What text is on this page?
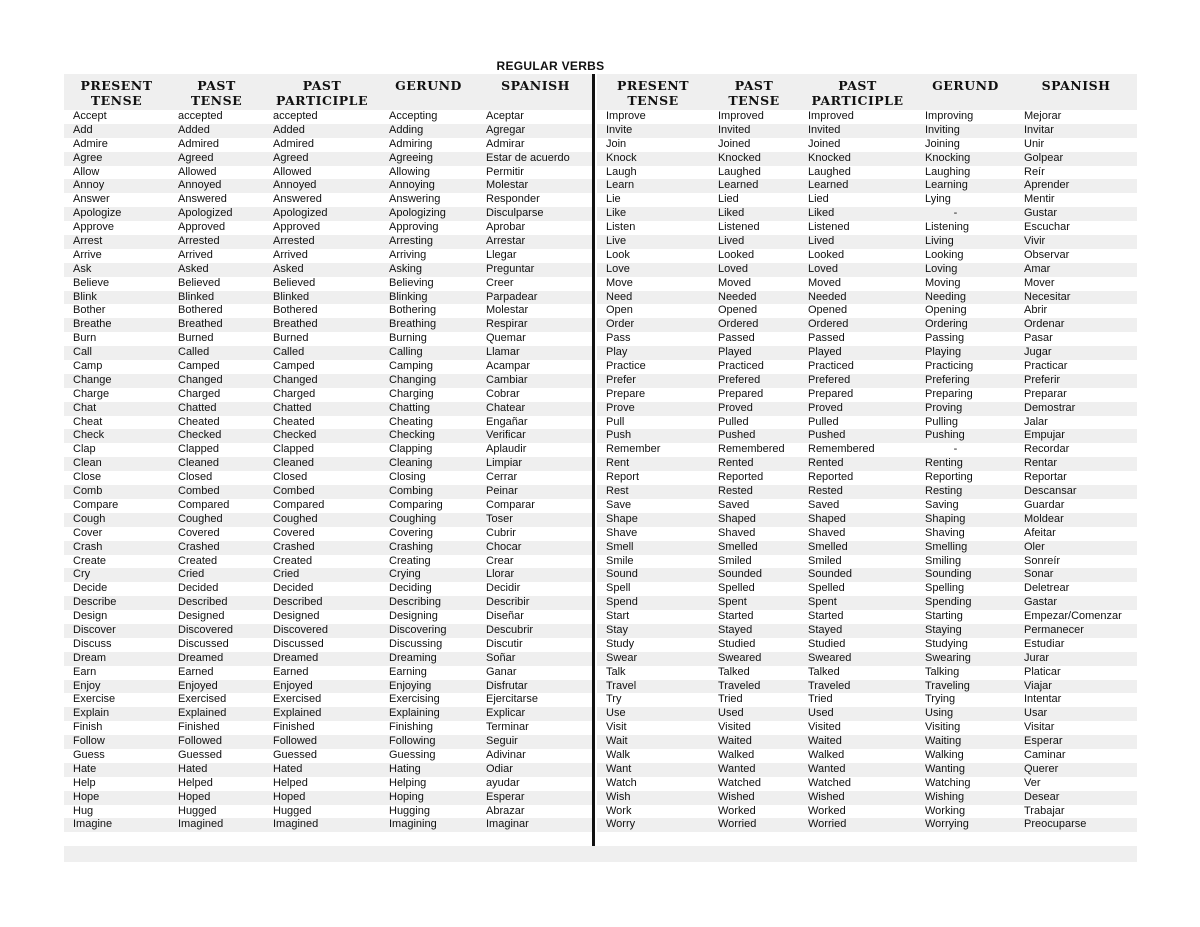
REGULAR VERBS
PRESENT
TENSE
PAST
TENSE
PAST
PARTICIPLE
GERUND	SPANISH
Accept	accepted	accepted	Accepting	Aceptar
Add	Added	Added	Adding	Agregar
Admire	Admired	Admired	Admiring	Admirar
Agree	Agreed	Agreed	Agreeing	Estar de acuerdo
Allow	Allowed	Allowed	Allowing	Permitir
Annoy	Annoyed	Annoyed	Annoying	Molestar
Answer	Answered	Answered	Answering	Responder
Apologize	Apologized	Apologized	Apologizing	Disculparse
Approve	Approved	Approved	Approving	Aprobar
Arrest	Arrested	Arrested	Arresting	Arrestar
Arrive	Arrived	Arrived	Arriving	Llegar
Ask	Asked	Asked	Asking	Preguntar
Believe	Believed	Believed	Believing	Creer
Blink	Blinked	Blinked	Blinking	Parpadear
Bother	Bothered	Bothered	Bothering	Molestar
Breathe	Breathed	Breathed	Breathing	Respirar
Burn	Burned	Burned	Burning	Quemar
Call	Called	Called	Calling	Llamar
Camp	Camped	Camped	Camping	Acampar
Change	Changed	Changed	Changing	Cambiar
Charge	Charged	Charged	Charging	Cobrar
Chat	Chatted	Chatted	Chatting	Chatear
Cheat	Cheated	Cheated	Cheating	Engañar
Check	Checked	Checked	Checking	Verificar
Clap	Clapped	Clapped	Clapping	Aplaudir
Clean	Cleaned	Cleaned	Cleaning	Limpiar
Close	Closed	Closed	Closing	Cerrar
Comb	Combed	Combed	Combing	Peinar
Compare	Compared	Compared	Comparing	Comparar
Cough	Coughed	Coughed	Coughing	Toser
Cover	Covered	Covered	Covering	Cubrir
Crash	Crashed	Crashed	Crashing	Chocar
Create	Created	Created	Creating	Crear
Cry	Cried	Cried	Crying	Llorar
Decide	Decided	Decided	Deciding	Decidir
Describe	Described	Described	Describing	Describir
Design	Designed	Designed	Designing	Diseñar
Discover	Discovered	Discovered	Discovering	Descubrir
Discuss	Discussed	Discussed	Discussing	Discutir
Dream	Dreamed	Dreamed	Dreaming	Soñar
Earn	Earned	Earned	Earning	Ganar
Enjoy	Enjoyed	Enjoyed	Enjoying	Disfrutar
Exercise	Exercised	Exercised	Exercising	Ejercitarse
Explain	Explained	Explained	Explaining	Explicar
Finish	Finished	Finished	Finishing	Terminar
Follow	Followed	Followed	Following	Seguir
Guess	Guessed	Guessed	Guessing	Adivinar
Hate	Hated	Hated	Hating	Odiar
Help	Helped	Helped	Helping	ayudar
Hope	Hoped	Hoped	Hoping	Esperar
Hug	Hugged	Hugged	Hugging	Abrazar
Imagine	Imagined	Imagined	Imagining	Imaginar
PRESENT
TENSE
PAST
TENSE
PAST
PARTICIPLE
GERUND	SPANISH
Improve	Improved	Improved	Improving	Mejorar
Invite	Invited	Invited	Inviting	Invitar
Join	Joined	Joined	Joining	Unir
Knock	Knocked	Knocked	Knocking	Golpear
Laugh	Laughed	Laughed	Laughing	Reír
Learn	Learned	Learned	Learning	Aprender
Lie	Lied	Lied	Lying	Mentir
Like	Liked	Liked	-	Gustar
Listen	Listened	Listened	Listening	Escuchar
Live	Lived	Lived	Living	Vivir
Look	Looked	Looked	Looking	Observar
Love	Loved	Loved	Loving	Amar
Move	Moved	Moved	Moving	Mover
Need	Needed	Needed	Needing	Necesitar
Open	Opened	Opened	Opening	Abrir
Order	Ordered	Ordered	Ordering	Ordenar
Pass	Passed	Passed	Passing	Pasar
Play	Played	Played	Playing	Jugar
Practice	Practiced	Practiced	Practicing	Practicar
Prefer	Prefered	Prefered	Prefering	Preferir
Prepare	Prepared	Prepared	Preparing	Preparar
Prove	Proved	Proved	Proving	Demostrar
Pull	Pulled	Pulled	Pulling	Jalar
Push	Pushed	Pushed	Pushing	Empujar
Remember	Remembered	Remembered	-	Recordar
Rent	Rented	Rented	Renting	Rentar
Report	Reported	Reported	Reporting	Reportar
Rest	Rested	Rested	Resting	Descansar
Save	Saved	Saved	Saving	Guardar
Shape	Shaped	Shaped	Shaping	Moldear
Shave	Shaved	Shaved	Shaving	Afeitar
Smell	Smelled	Smelled	Smelling	Oler
Smile	Smiled	Smiled	Smiling	Sonreír
Sound	Sounded	Sounded	Sounding	Sonar
Spell	Spelled	Spelled	Spelling	Deletrear
Spend	Spent	Spent	Spending	Gastar
Start	Started	Started	Starting	Empezar/Comenzar
Stay	Stayed	Stayed	Staying	Permanecer
Study	Studied	Studied	Studying	Estudiar
Swear	Sweared	Sweared	Swearing	Jurar
Talk	Talked	Talked	Talking	Platicar
Travel	Traveled	Traveled	Traveling	Viajar
Try	Tried	Tried	Trying	Intentar
Use	Used	Used	Using	Usar
Visit	Visited	Visited	Visiting	Visitar
Wait	Waited	Waited	Waiting	Esperar
Walk	Walked	Walked	Walking	Caminar
Want	Wanted	Wanted	Wanting	Querer
Watch	Watched	Watched	Watching	Ver
Wish	Wished	Wished	Wishing	Desear
Work	Worked	Worked	Working	Trabajar
Worry	Worried	Worried	Worrying	Preocuparse
